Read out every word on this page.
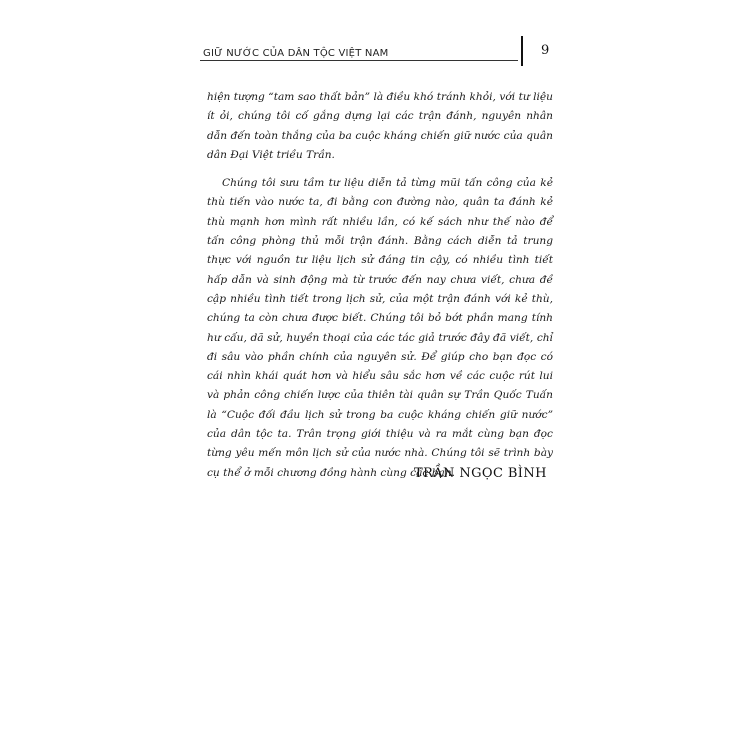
GIỮ NƯỚC CỦA DÂN TỘC VIỆT NAM	9

hiện tượng “tam sao thất bản” là điều khó tránh khỏi, với tư liệu ít ỏi, chúng tôi cố gắng dựng lại các trận đánh, nguyên nhân dẫn đến toàn thắng của ba cuộc kháng chiến giữ nước của quân dân Đại Việt triều Trần.

Chúng tôi sưu tầm tư liệu diễn tả từng mũi tấn công của kẻ thù tiến vào nước ta, đi bằng con đường nào, quân ta đánh kẻ thù mạnh hơn mình rất nhiều lần, có kế sách như thế nào để tấn công phòng thủ mỗi trận đánh. Bằng cách diễn tả trung thực với nguồn tư liệu lịch sử đáng tin cậy, có nhiều tình tiết hấp dẫn và sinh động mà từ trước đến nay chưa viết, chưa đề cập nhiều tình tiết trong lịch sử, của một trận đánh với kẻ thù, chúng ta còn chưa được biết. Chúng tôi bỏ bớt phần mang tính hư cấu, dã sử, huyền thoại của các tác giả trước đây đã viết, chỉ đi sâu vào phần chính của nguyên sử. Để giúp cho bạn đọc có cái nhìn khái quát hơn và hiểu sâu sắc hơn về các cuộc rút lui và phản công chiến lược của thiên tài quân sự Trần Quốc Tuấn là “Cuộc đối đầu lịch sử trong ba cuộc kháng chiến giữ nước” của dân tộc ta. Trân trọng giới thiệu và ra mắt cùng bạn đọc từng yêu mến môn lịch sử của nước nhà. Chúng tôi sẽ trình bày cụ thể ở mỗi chương đồng hành cùng các bạn.

TRẦN NGỌC BÌNH
